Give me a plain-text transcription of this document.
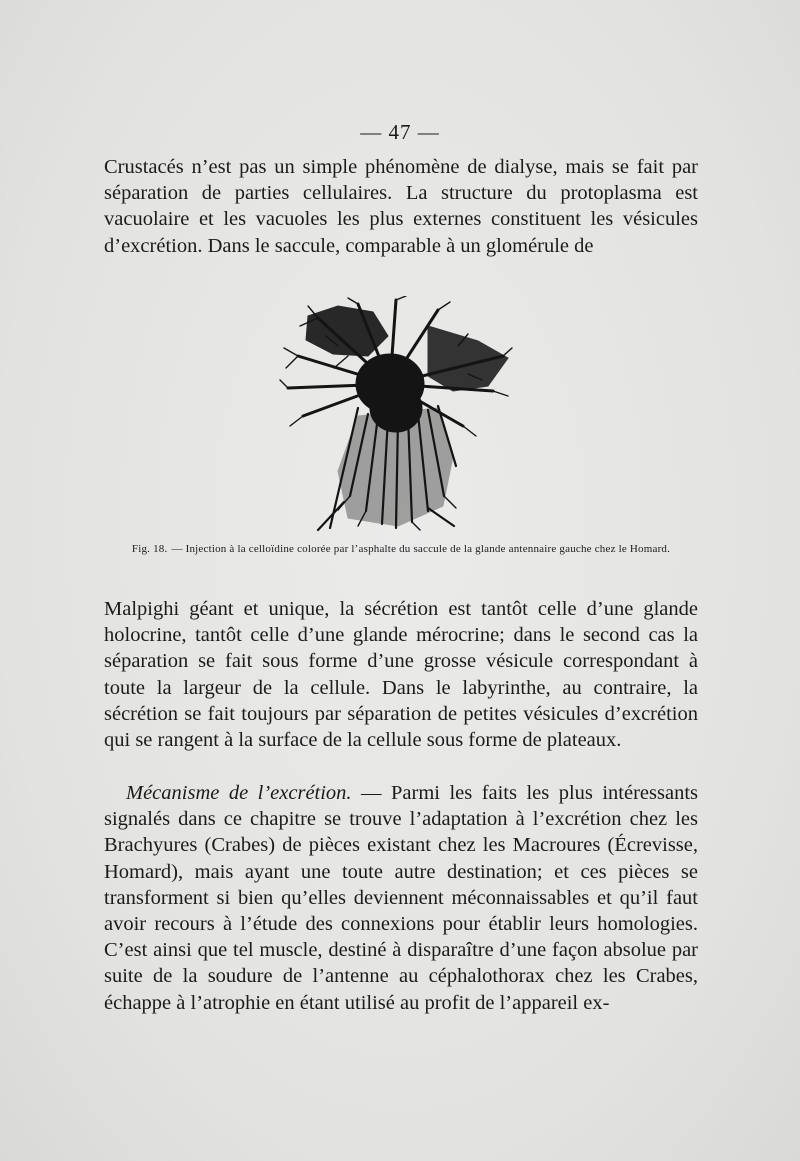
— 47 —

Crustacés n’est pas un simple phénomène de dialyse, mais se fait par séparation de parties cellulaires. La structure du protoplasma est vacuolaire et les vacuoles les plus externes constituent les vésicules d’excrétion. Dans le saccule, comparable à un glomérule de

Fig. 18. — Injection à la celloïdine colorée par l’asphalte du saccule de la glande antennaire gauche chez le Homard.

Malpighi géant et unique, la sécrétion est tantôt celle d’une glande holocrine, tantôt celle d’une glande mérocrine; dans le second cas la séparation se fait sous forme d’une grosse vésicule correspondant à toute la largeur de la cellule. Dans le labyrinthe, au contraire, la sécrétion se fait toujours par séparation de petites vésicules d’excrétion qui se rangent à la surface de la cellule sous forme de plateaux.

Mécanisme de l’excrétion. — Parmi les faits les plus intéressants signalés dans ce chapitre se trouve l’adaptation à l’excrétion chez les Brachyures (Crabes) de pièces existant chez les Macroures (Écrevisse, Homard), mais ayant une toute autre destination; et ces pièces se transforment si bien qu’elles deviennent méconnaissables et qu’il faut avoir recours à l’étude des connexions pour établir leurs homologies. C’est ainsi que tel muscle, destiné à disparaître d’une façon absolue par suite de la soudure de l’antenne au céphalothorax chez les Crabes, échappe à l’atrophie en étant utilisé au profit de l’appareil ex-
